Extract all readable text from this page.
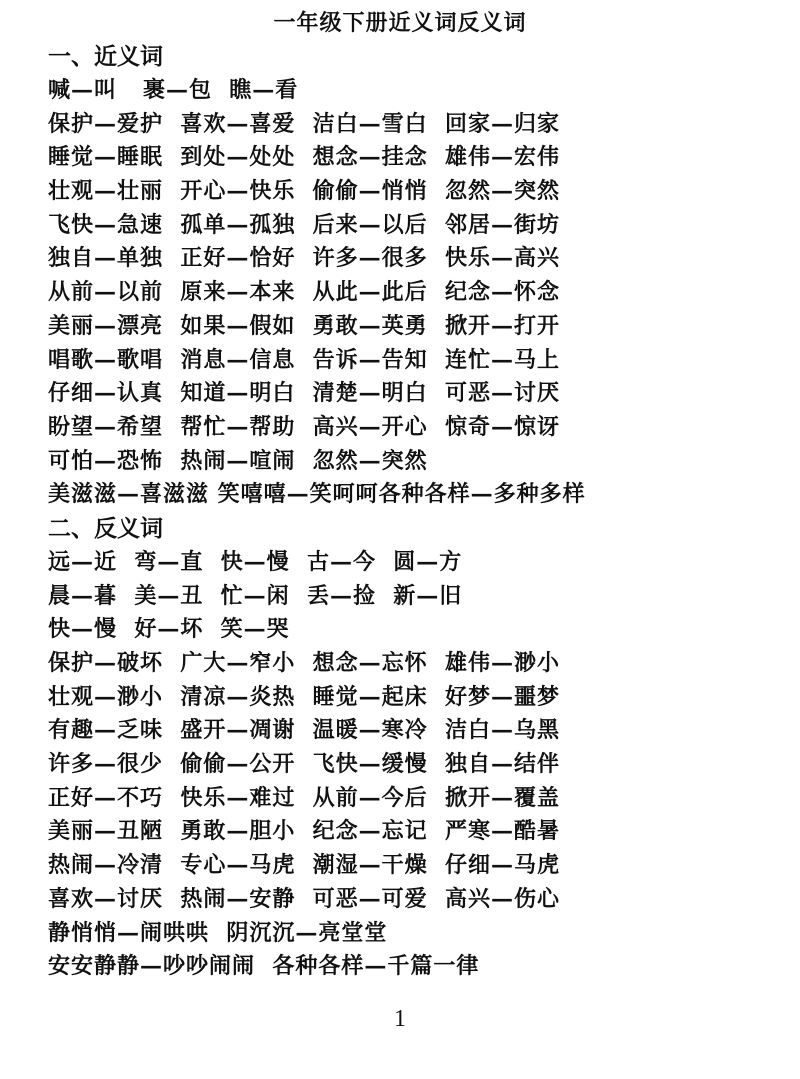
一年级下册近义词反义词
一、近义词
喊—叫   裹—包  瞧—看
保护—爱护  喜欢—喜爱  洁白—雪白  回家—归家
睡觉—睡眠  到处—处处  想念—挂念  雄伟—宏伟
壮观—壮丽  开心—快乐  偷偷—悄悄  忽然—突然
飞快—急速  孤单—孤独  后来—以后  邻居—街坊
独自—单独  正好—恰好  许多—很多  快乐—高兴
从前—以前  原来—本来  从此—此后  纪念—怀念
美丽—漂亮  如果—假如  勇敢—英勇  掀开—打开
唱歌—歌唱  消息—信息  告诉—告知  连忙—马上
仔细—认真  知道—明白  清楚—明白  可恶—讨厌
盼望—希望  帮忙—帮助  高兴—开心  惊奇—惊讶
可怕—恐怖  热闹—喧闹  忽然—突然
美滋滋—喜滋滋 笑嘻嘻—笑呵呵各种各样—多种多样
二、反义词
远—近  弯—直  快—慢  古—今  圆—方
晨—暮  美—丑  忙—闲  丢—捡  新—旧
快—慢  好—坏  笑—哭
保护—破坏  广大—窄小  想念—忘怀  雄伟—渺小
壮观—渺小  清凉—炎热  睡觉—起床  好梦—噩梦
有趣—乏味  盛开—凋谢  温暖—寒冷  洁白—乌黑
许多—很少  偷偷—公开  飞快—缓慢  独自—结伴
正好—不巧  快乐—难过  从前—今后  掀开—覆盖
美丽—丑陋  勇敢—胆小  纪念—忘记  严寒—酷暑
热闹—冷清  专心—马虎  潮湿—干燥  仔细—马虎
喜欢—讨厌  热闹—安静  可恶—可爱  高兴—伤心
静悄悄—闹哄哄  阴沉沉—亮堂堂
安安静静—吵吵闹闹  各种各样—千篇一律
1
